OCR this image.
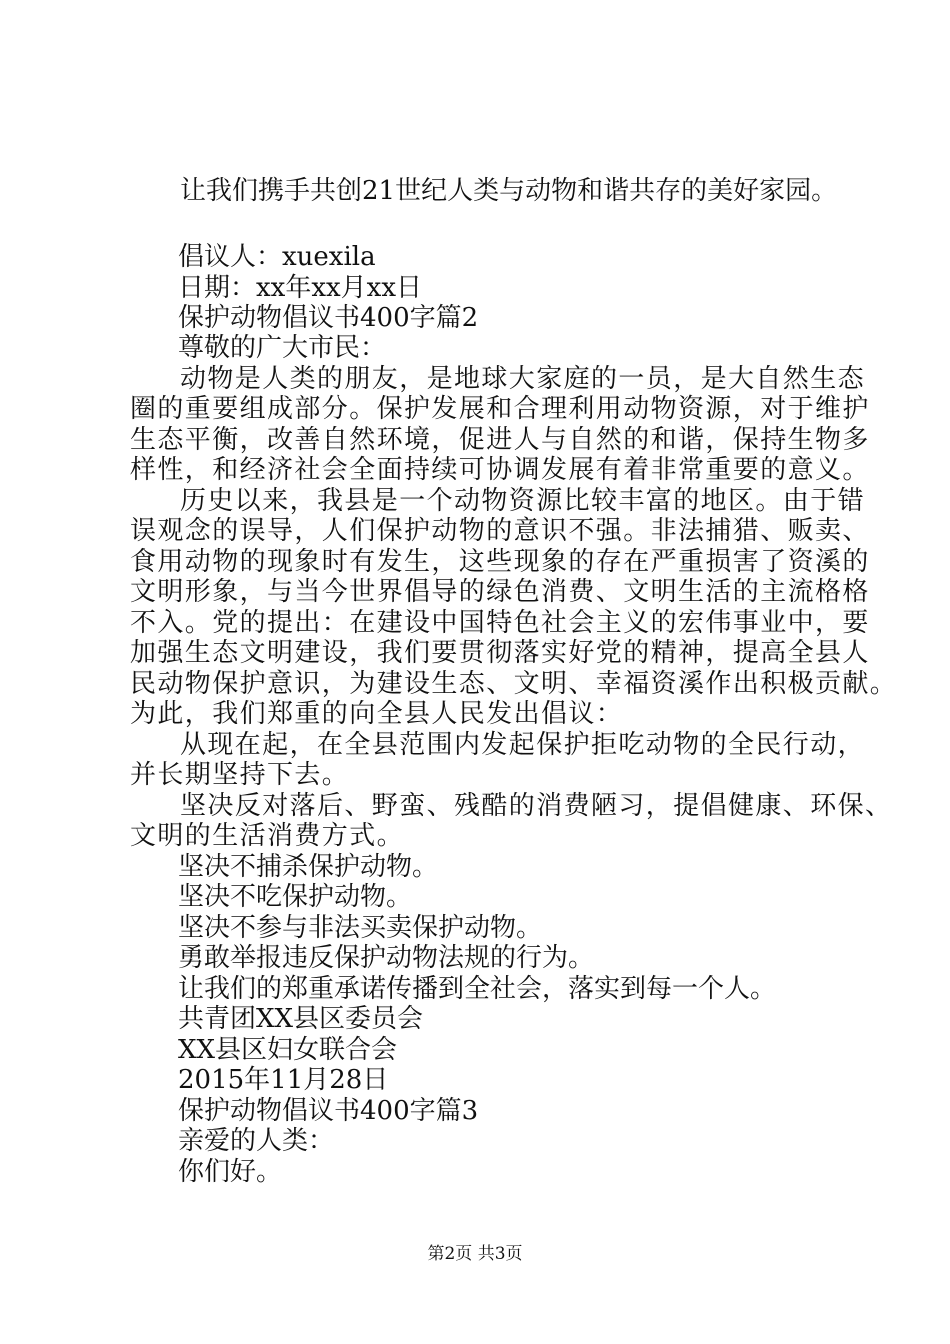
让我们携手共创21世纪人类与动物和谐共存的美好家园。
倡议人：xuexila
日期：xx年xx月xx日
保护动物倡议书400字篇2
尊敬的广大市民：
动物是人类的朋友，是地球大家庭的一员，是大自然生态
圈的重要组成部分。保护发展和合理利用动物资源，对于维护
生态平衡，改善自然环境，促进人与自然的和谐，保持生物多
样性，和经济社会全面持续可协调发展有着非常重要的意义。
历史以来，我县是一个动物资源比较丰富的地区。由于错
误观念的误导，人们保护动物的意识不强。非法捕猎、贩卖、
食用动物的现象时有发生，这些现象的存在严重损害了资溪的
文明形象，与当今世界倡导的绿色消费、文明生活的主流格格
不入。党的提出：在建设中国特色社会主义的宏伟事业中，要
加强生态文明建设，我们要贯彻落实好党的精神，提高全县人
民动物保护意识，为建设生态、文明、幸福资溪作出积极贡献。
为此，我们郑重的向全县人民发出倡议：
从现在起，在全县范围内发起保护拒吃动物的全民行动，
并长期坚持下去。
坚决反对落后、野蛮、残酷的消费陋习，提倡健康、环保、
文明的生活消费方式。
坚决不捕杀保护动物。
坚决不吃保护动物。
坚决不参与非法买卖保护动物。
勇敢举报违反保护动物法规的行为。
让我们的郑重承诺传播到全社会，落实到每一个人。
共青团XX县区委员会
XX县区妇女联合会
2015年11月28日
保护动物倡议书400字篇3
亲爱的人类：
你们好。
第2页 共3页
